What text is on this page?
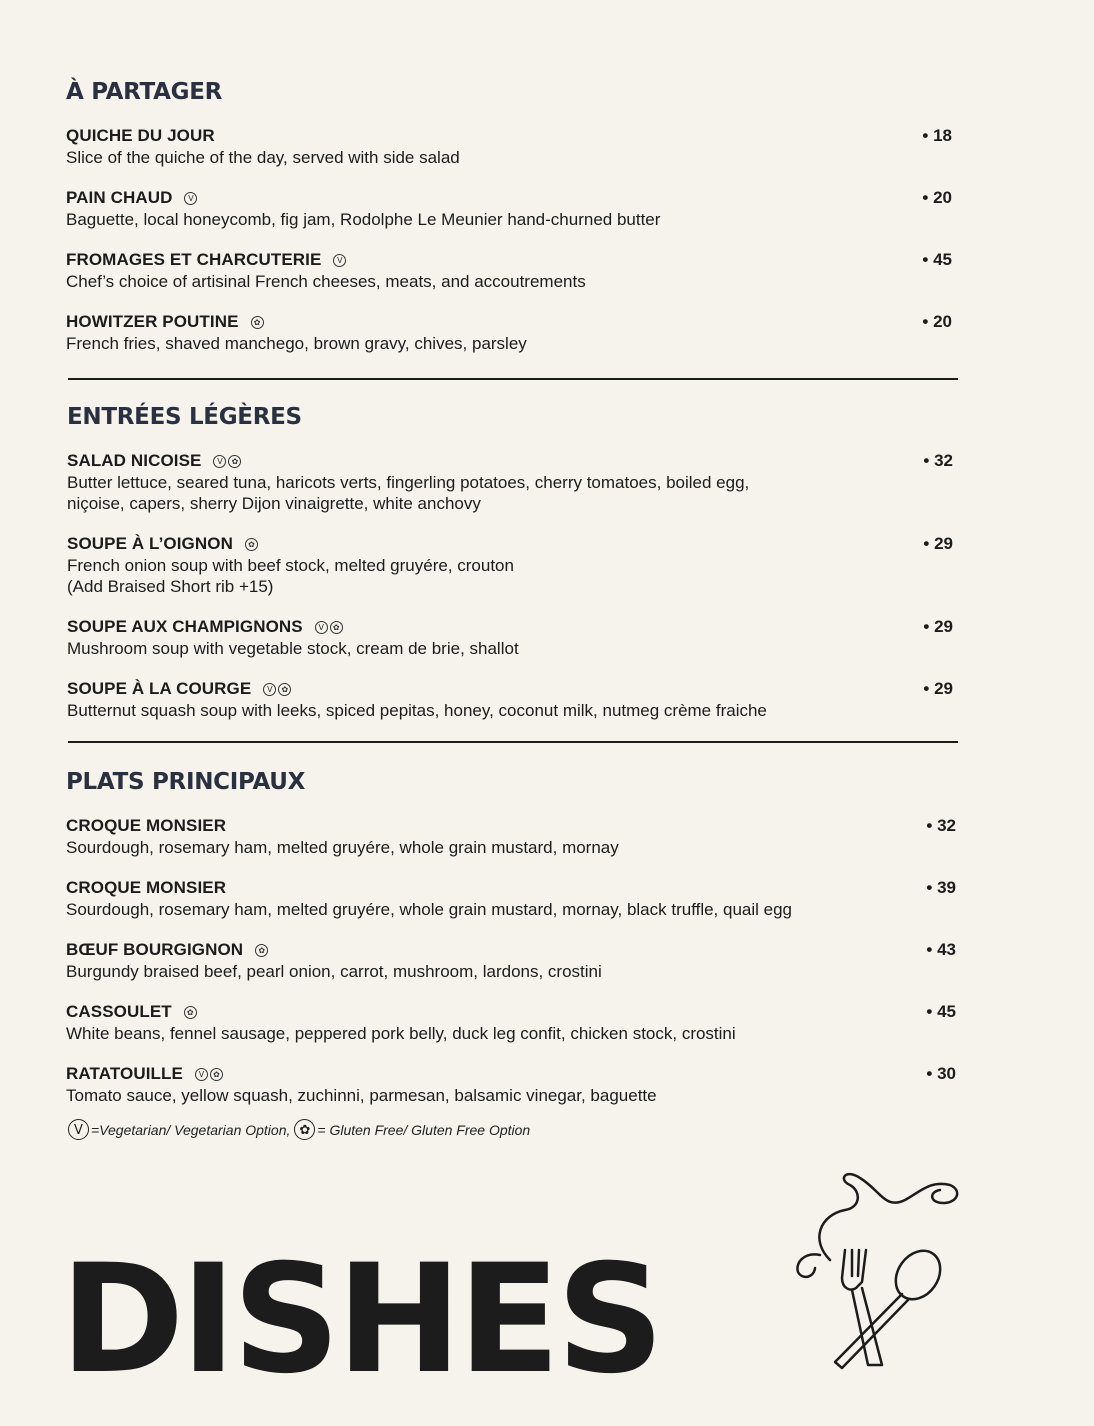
À PARTAGER
QUICHE DU JOUR
Slice of the quiche of the day, served with side salad
• 18
PAIN CHAUD	V
Baguette, local honeycomb, fig jam, Rodolphe Le Meunier hand-churned butter
• 20
FROMAGES ET CHARCUTERIE	V
Chef’s choice of artisinal French cheeses, meats, and accoutrements
• 45
HOWITZER POUTINE	✿
French fries, shaved manchego, brown gravy, chives, parsley
• 20
ENTRÉES LÉGÈRES
SALAD NICOISE	V	✿
Butter lettuce, seared tuna, haricots verts, fingerling potatoes, cherry tomatoes, boiled egg,
niçoise, capers, sherry Dijon vinaigrette, white anchovy
• 32
SOUPE À L’OIGNON	✿
French onion soup with beef stock, melted gruyére, crouton
(Add Braised Short rib +15)
• 29
SOUPE AUX CHAMPIGNONS	V	✿
Mushroom soup with vegetable stock, cream de brie, shallot
• 29
SOUPE À LA COURGE	V	✿
Butternut squash soup with leeks, spiced pepitas, honey, coconut milk, nutmeg crème fraiche
• 29
PLATS PRINCIPAUX
CROQUE MONSIER
Sourdough, rosemary ham, melted gruyére, whole grain mustard, mornay
• 32
CROQUE MONSIER
Sourdough, rosemary ham, melted gruyére, whole grain mustard, mornay, black truffle, quail egg
• 39
BŒUF BOURGIGNON	✿
Burgundy braised beef, pearl onion, carrot, mushroom, lardons, crostini
• 43
CASSOULET	✿
White beans, fennel sausage, peppered pork belly, duck leg confit, chicken stock, crostini
• 45
RATATOUILLE	V	✿
Tomato sauce, yellow squash, zuchinni, parmesan, balsamic vinegar, baguette
• 30
V =Vegetarian/ Vegetarian Option, ✿ = Gluten Free/ Gluten Free Option
DISHES
